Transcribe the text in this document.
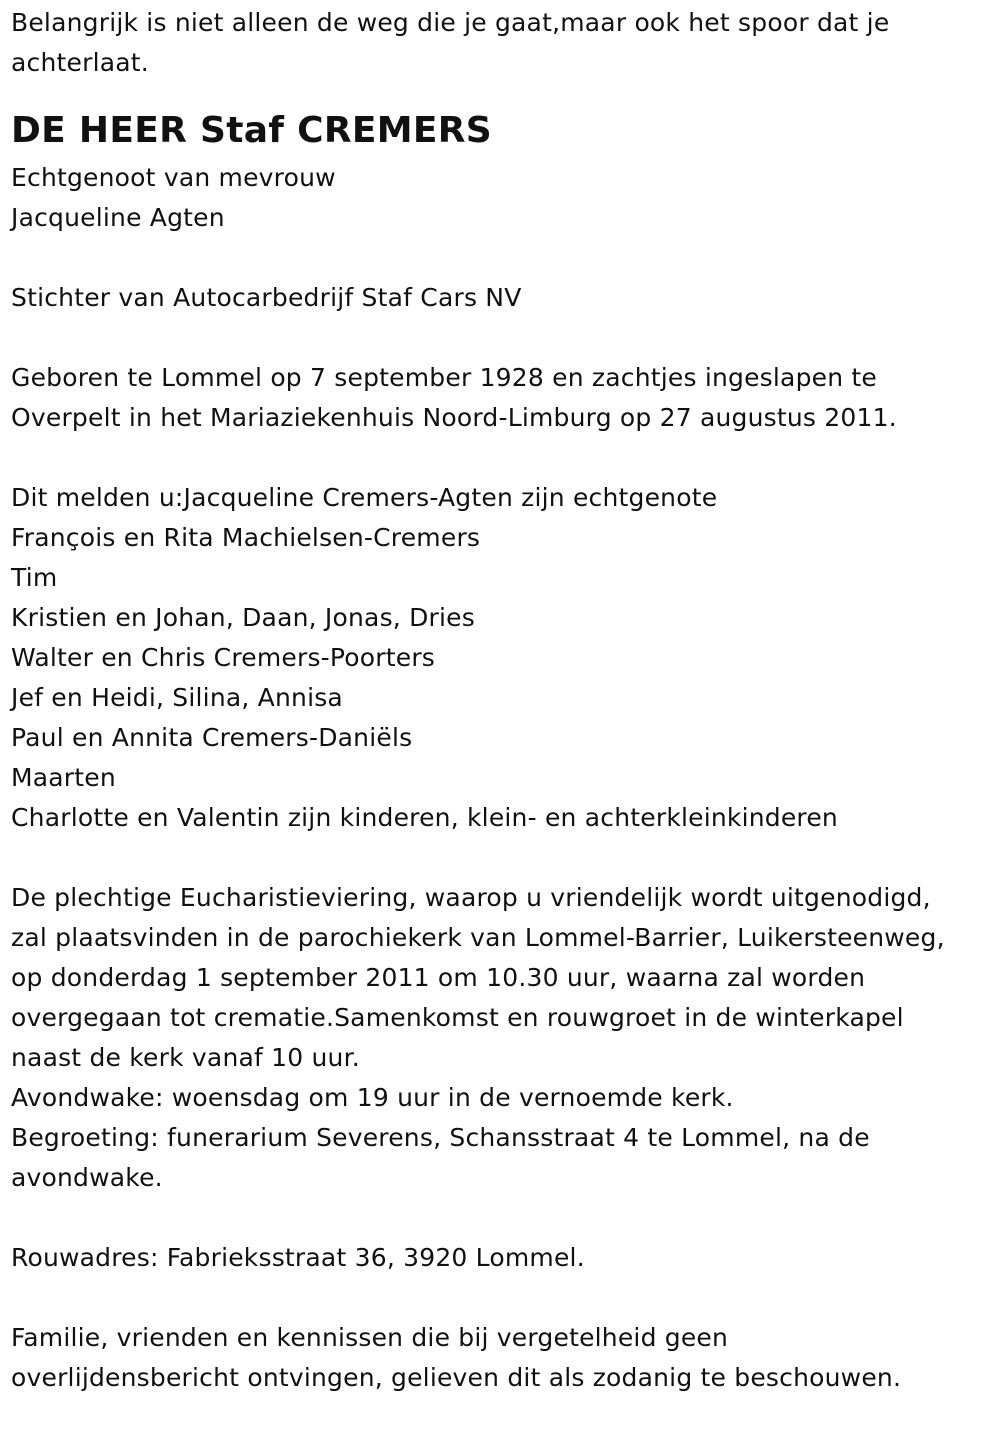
Belangrijk is niet alleen de weg die je gaat,maar ook het spoor dat je
achterlaat.
DE HEER Staf CREMERS
Echtgenoot van mevrouw
Jacqueline Agten
Stichter van Autocarbedrijf Staf Cars NV
Geboren te Lommel op 7 september 1928 en zachtjes ingeslapen te
Overpelt in het Mariaziekenhuis Noord-Limburg op 27 augustus 2011.
Dit melden u:Jacqueline Cremers-Agten zijn echtgenote
François en Rita Machielsen-Cremers
Tim
Kristien en Johan, Daan, Jonas, Dries
Walter en Chris Cremers-Poorters
Jef en Heidi, Silina, Annisa
Paul en Annita Cremers-Daniëls
Maarten
Charlotte en Valentin zijn kinderen, klein- en achterkleinkinderen
De plechtige Eucharistieviering, waarop u vriendelijk wordt uitgenodigd,
zal plaatsvinden in de parochiekerk van Lommel-Barrier, Luikersteenweg,
op donderdag 1 september 2011 om 10.30 uur, waarna zal worden
overgegaan tot crematie.Samenkomst en rouwgroet in de winterkapel
naast de kerk vanaf 10 uur.
Avondwake: woensdag om 19 uur in de vernoemde kerk.
Begroeting: funerarium Severens, Schansstraat 4 te Lommel, na de
avondwake.
Rouwadres: Fabrieksstraat 36, 3920 Lommel.
Familie, vrienden en kennissen die bij vergetelheid geen
overlijdensbericht ontvingen, gelieven dit als zodanig te beschouwen.
